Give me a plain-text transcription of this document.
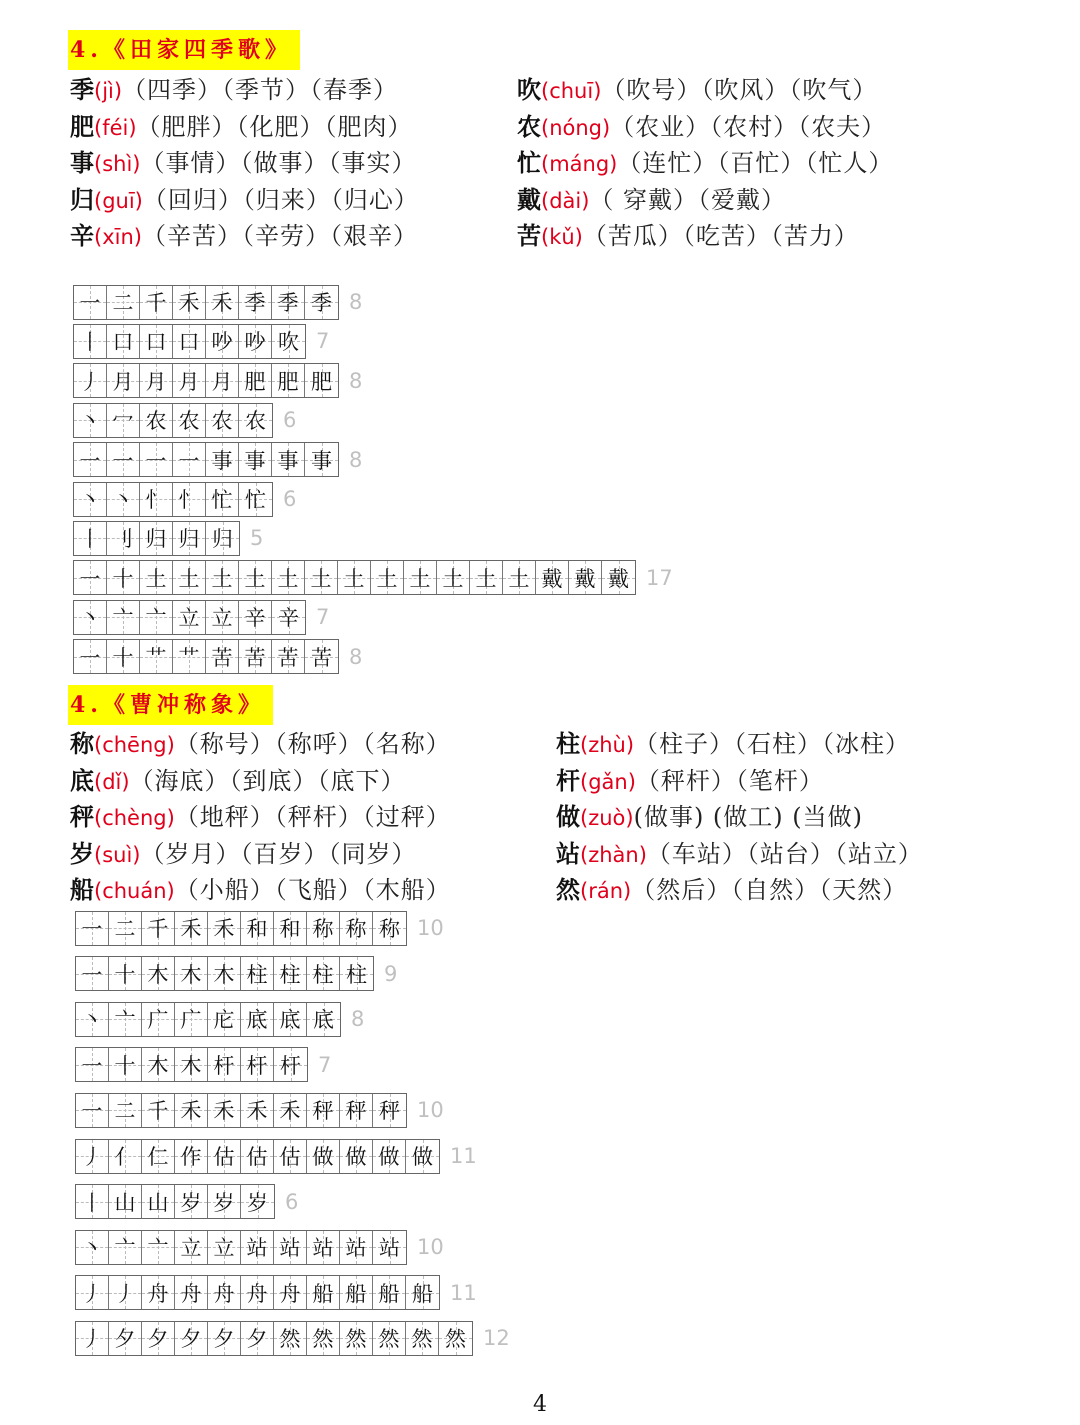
4.《田家四季歌》
季(jì)（四季）（季节）（春季）
肥(féi)（肥胖）（化肥）（肥肉）
事(shì)（事情）（做事）（事实）
归(guī)（回归）（归来）（归心）
辛(xīn)（辛苦）（辛劳）（艰辛）
吹(chuī)（吹号）（吹风）（吹气）
农(nóng)（农业）（农村）（农夫）
忙(máng)（连忙）（百忙）（忙人）
戴(dài)（ 穿戴）（爱戴）
苦(kǔ)（苦瓜）（吃苦）（苦力）
一 二 千 禾 禾 季 季 季 8
丨 口 口 口 吵 吵 吹 7
丿 月 月 月 月 肥 肥 肥 8
丶 冖 农 农 农 农 6
一 一 一 一 事 事 事 事 8
丶 丶 忄 忄 忙 忙 6
丨 刂 归 归 归 5
一 十 土 土 土 土 土 土 土 土 土 土 土 土 戴 戴 戴 17
丶 亠 亠 立 立 辛 辛 7
一 十 艹 艹 苦 苦 苦 苦 8
4.《曹冲称象》
称(chēng)（称号）（称呼）（名称）
底(dǐ)（海底）（到底）（底下）
秤(chèng)（地秤）（秤杆）（过秤）
岁(suì)（岁月）（百岁）（同岁）
船(chuán)（小船）（飞船）（木船）
柱(zhù)（柱子）（石柱）（冰柱）
杆(gǎn)（秤杆）（笔杆）
做(zuò)(做事) (做工) (当做)
站(zhàn)（车站）（站台）（站立）
然(rán)（然后）（自然）（天然）
一 二 千 禾 禾 和 和 称 称 称 10
一 十 木 木 木 柱 柱 柱 柱 9
丶 亠 广 广 庀 底 底 底 8
一 十 木 木 杆 杆 杆 7
一 二 千 禾 禾 禾 禾 秤 秤 秤 10
丿 亻 仁 作 估 估 估 做 做 做 做 11
丨 山 山 岁 岁 岁 6
丶 亠 亠 立 立 站 站 站 站 站 10
丿 丿 舟 舟 舟 舟 舟 船 船 船 船 11
丿 夕 夕 夕 夕 夕 然 然 然 然 然 然 12
4
